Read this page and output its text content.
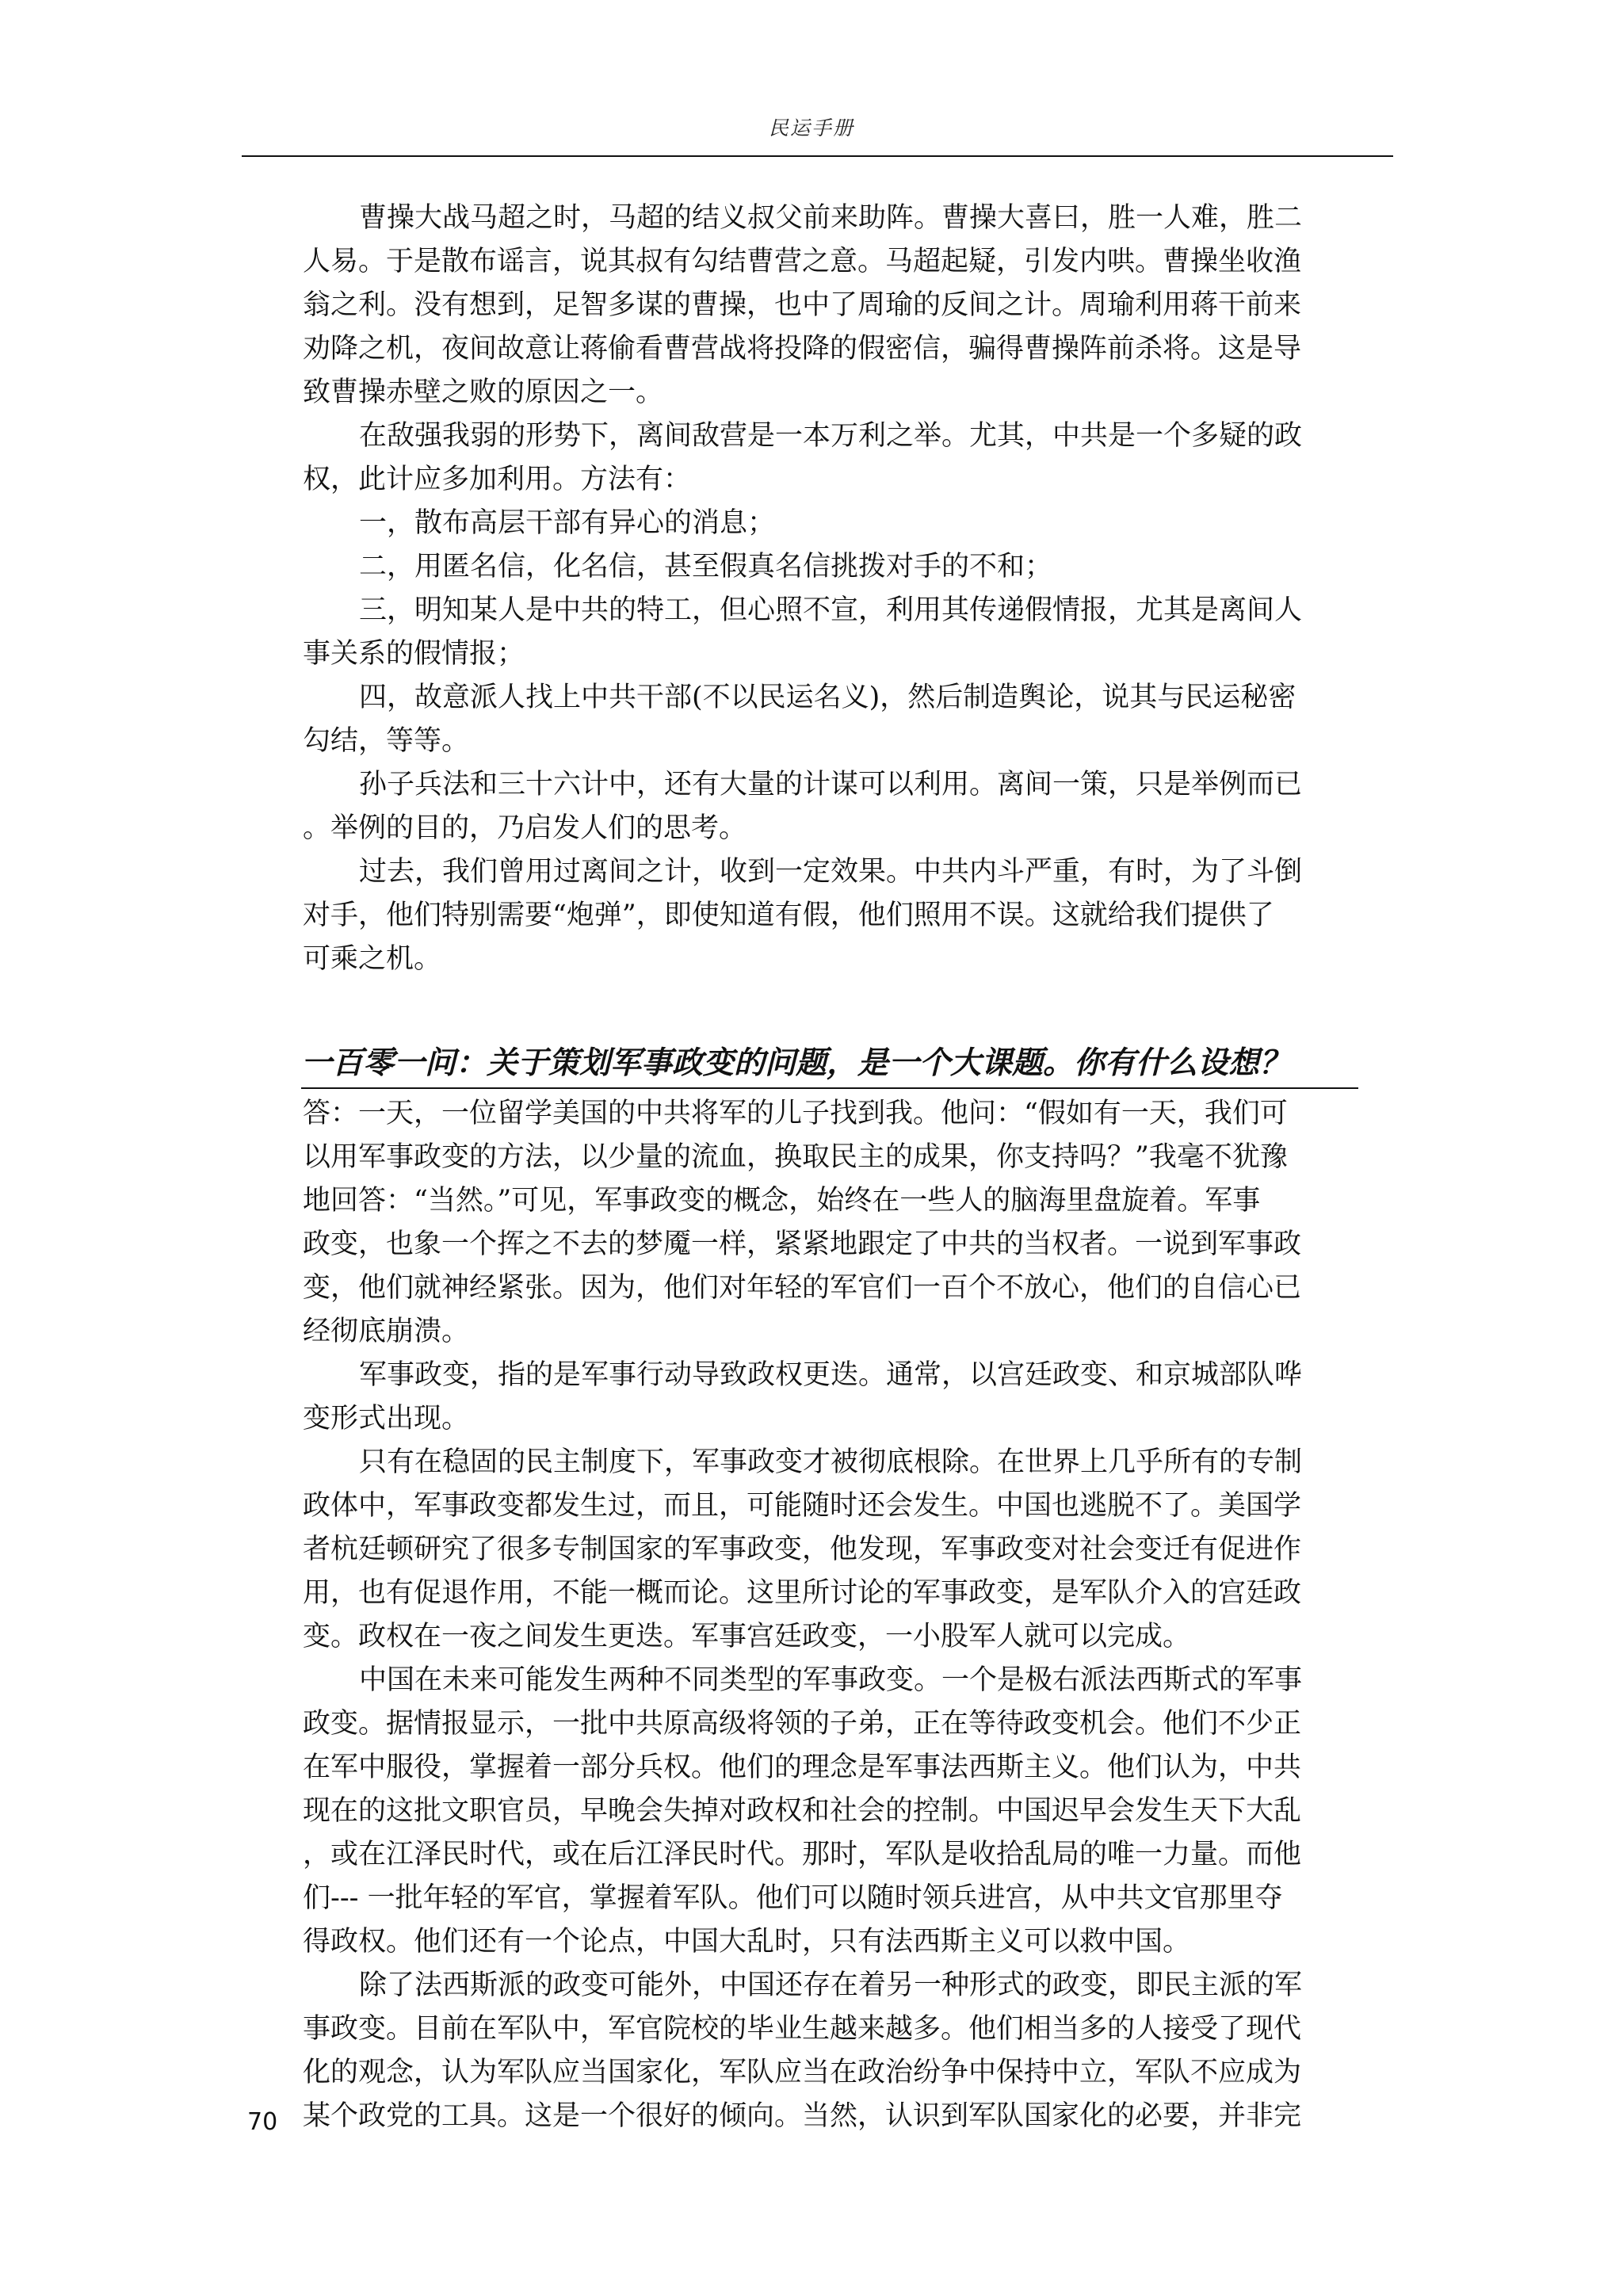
民运手册
曹操大战马超之时，马超的结义叔父前来助阵。曹操大喜曰，胜一人难，胜二
人易。于是散布谣言，说其叔有勾结曹营之意。马超起疑，引发内哄。曹操坐收渔
翁之利。没有想到，足智多谋的曹操，也中了周瑜的反间之计。周瑜利用蒋干前来
劝降之机，夜间故意让蒋偷看曹营战将投降的假密信，骗得曹操阵前杀将。这是导
致曹操赤壁之败的原因之一。
在敌强我弱的形势下，离间敌营是一本万利之举。尤其，中共是一个多疑的政
权，此计应多加利用。方法有：
一，散布高层干部有异心的消息；
二，用匿名信，化名信，甚至假真名信挑拨对手的不和；
三，明知某人是中共的特工，但心照不宣，利用其传递假情报，尤其是离间人
事关系的假情报；
四，故意派人找上中共干部(不以民运名义)，然后制造舆论，说其与民运秘密
勾结，等等。
孙子兵法和三十六计中，还有大量的计谋可以利用。离间一策，只是举例而已
。举例的目的，乃启发人们的思考。
过去，我们曾用过离间之计，收到一定效果。中共内斗严重，有时，为了斗倒
对手，他们特别需要“炮弹”，即使知道有假，他们照用不误。这就给我们提供了
可乘之机。
一百零一问：关于策划军事政变的问题，是一个大课题。你有什么设想？
答：一天，一位留学美国的中共将军的儿子找到我。他问：“假如有一天，我们可
以用军事政变的方法，以少量的流血，换取民主的成果，你支持吗？”我毫不犹豫
地回答：“当然。”可见，军事政变的概念，始终在一些人的脑海里盘旋着。军事
政变，也象一个挥之不去的梦魇一样，紧紧地跟定了中共的当权者。一说到军事政
变，他们就神经紧张。因为，他们对年轻的军官们一百个不放心，他们的自信心已
经彻底崩溃。
军事政变，指的是军事行动导致政权更迭。通常，以宫廷政变、和京城部队哗
变形式出现。
只有在稳固的民主制度下，军事政变才被彻底根除。在世界上几乎所有的专制
政体中，军事政变都发生过，而且，可能随时还会发生。中国也逃脱不了。美国学
者杭廷顿研究了很多专制国家的军事政变，他发现，军事政变对社会变迁有促进作
用，也有促退作用，不能一概而论。这里所讨论的军事政变，是军队介入的宫廷政
变。政权在一夜之间发生更迭。军事宫廷政变，一小股军人就可以完成。
中国在未来可能发生两种不同类型的军事政变。一个是极右派法西斯式的军事
政变。据情报显示，一批中共原高级将领的子弟，正在等待政变机会。他们不少正
在军中服役，掌握着一部分兵权。他们的理念是军事法西斯主义。他们认为，中共
现在的这批文职官员，早晚会失掉对政权和社会的控制。中国迟早会发生天下大乱
，或在江泽民时代，或在后江泽民时代。那时，军队是收拾乱局的唯一力量。而他
们--- 一批年轻的军官，掌握着军队。他们可以随时领兵进宫，从中共文官那里夺
得政权。他们还有一个论点，中国大乱时，只有法西斯主义可以救中国。
除了法西斯派的政变可能外，中国还存在着另一种形式的政变，即民主派的军
事政变。目前在军队中，军官院校的毕业生越来越多。他们相当多的人接受了现代
化的观念，认为军队应当国家化，军队应当在政治纷争中保持中立，军队不应成为
某个政党的工具。这是一个很好的倾向。当然，认识到军队国家化的必要，并非完
70
